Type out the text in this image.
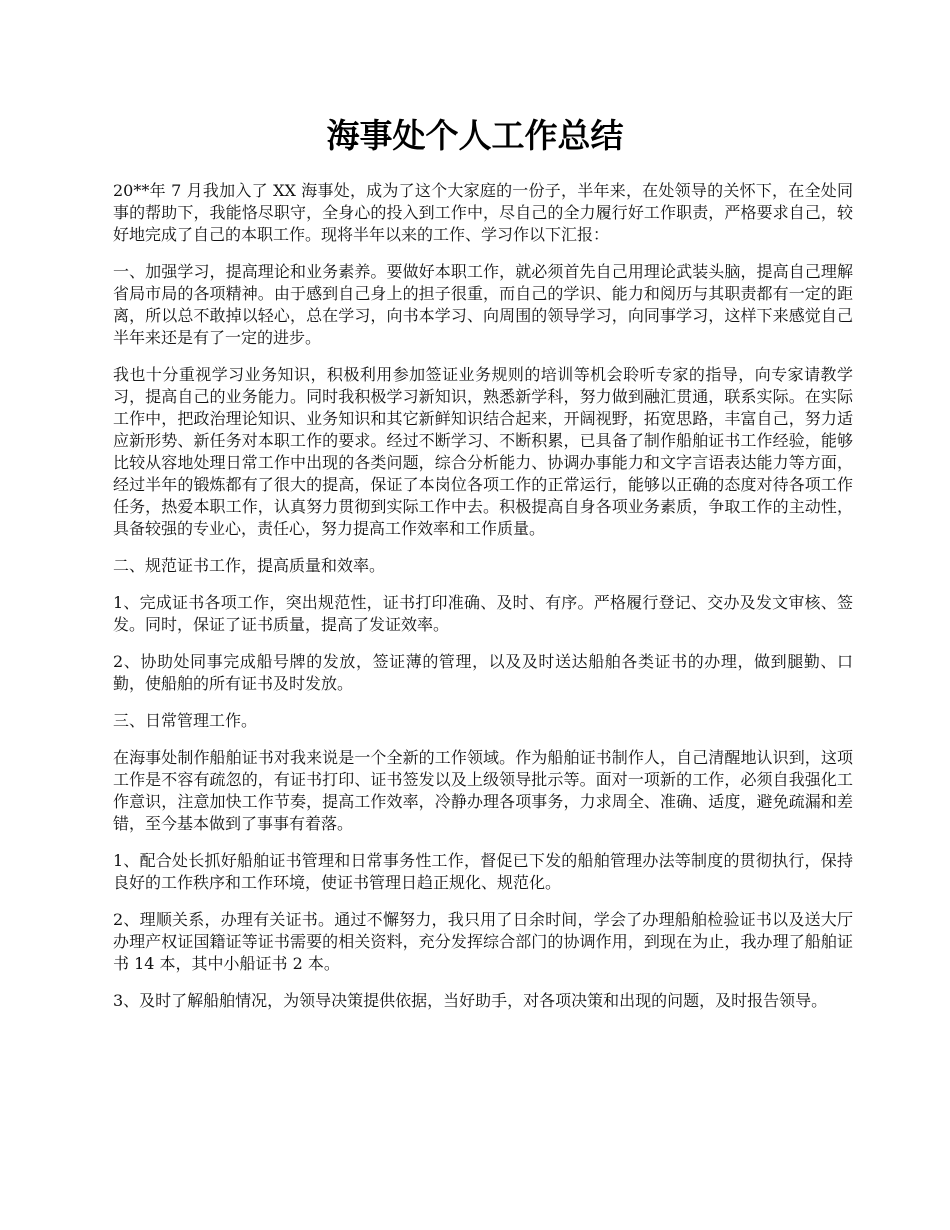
海事处个人工作总结

20**年 7 月我加入了 XX 海事处，成为了这个大家庭的一份子，半年来，在处领导的关怀下，在全处同事的帮助下，我能恪尽职守，全身心的投入到工作中，尽自己的全力履行好工作职责，严格要求自己，较好地完成了自己的本职工作。现将半年以来的工作、学习作以下汇报：

一、加强学习，提高理论和业务素养。要做好本职工作，就必须首先自己用理论武装头脑，提高自己理解省局市局的各项精神。由于感到自己身上的担子很重，而自己的学识、能力和阅历与其职责都有一定的距离，所以总不敢掉以轻心，总在学习，向书本学习、向周围的领导学习，向同事学习，这样下来感觉自己半年来还是有了一定的进步。

我也十分重视学习业务知识，积极利用参加签证业务规则的培训等机会聆听专家的指导，向专家请教学习，提高自己的业务能力。同时我积极学习新知识，熟悉新学科，努力做到融汇贯通，联系实际。在实际工作中，把政治理论知识、业务知识和其它新鲜知识结合起来，开阔视野，拓宽思路，丰富自己，努力适应新形势、新任务对本职工作的要求。经过不断学习、不断积累，已具备了制作船舶证书工作经验，能够比较从容地处理日常工作中出现的各类问题，综合分析能力、协调办事能力和文字言语表达能力等方面，经过半年的锻炼都有了很大的提高，保证了本岗位各项工作的正常运行，能够以正确的态度对待各项工作任务，热爱本职工作，认真努力贯彻到实际工作中去。积极提高自身各项业务素质，争取工作的主动性，具备较强的专业心，责任心，努力提高工作效率和工作质量。

二、规范证书工作，提高质量和效率。

1、完成证书各项工作，突出规范性，证书打印准确、及时、有序。严格履行登记、交办及发文审核、签发。同时，保证了证书质量，提高了发证效率。

2、协助处同事完成船号牌的发放，签证薄的管理，以及及时送达船舶各类证书的办理，做到腿勤、口勤，使船舶的所有证书及时发放。

三、日常管理工作。

在海事处制作船舶证书对我来说是一个全新的工作领域。作为船舶证书制作人，自己清醒地认识到，这项工作是不容有疏忽的，有证书打印、证书签发以及上级领导批示等。面对一项新的工作，必须自我强化工作意识，注意加快工作节奏，提高工作效率，冷静办理各项事务，力求周全、准确、适度，避免疏漏和差错，至今基本做到了事事有着落。

1、配合处长抓好船舶证书管理和日常事务性工作，督促已下发的船舶管理办法等制度的贯彻执行，保持良好的工作秩序和工作环境，使证书管理日趋正规化、规范化。

2、理顺关系，办理有关证书。通过不懈努力，我只用了日余时间，学会了办理船舶检验证书以及送大厅办理产权证国籍证等证书需要的相关资料，充分发挥综合部门的协调作用，到现在为止，我办理了船舶证书 14 本，其中小船证书 2 本。

3、及时了解船舶情况，为领导决策提供依据，当好助手，对各项决策和出现的问题，及时报告领导。
